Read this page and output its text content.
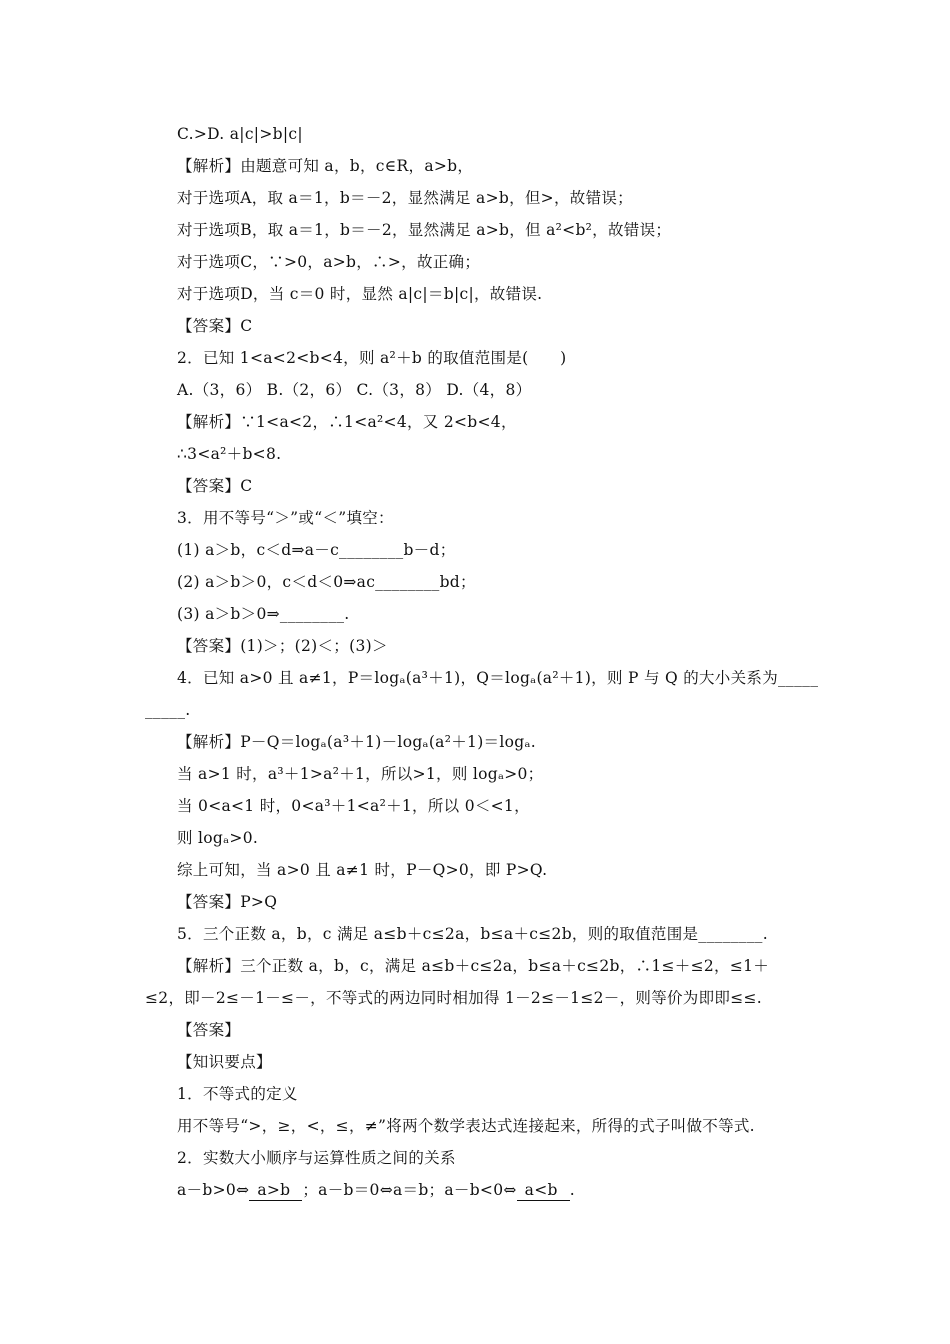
C.>D. a|c|>b|c|
【解析】由题意可知 a，b，c∈R，a>b，
对于选项A，取 a＝1，b＝－2，显然满足 a>b，但>，故错误；
对于选项B，取 a＝1，b＝－2，显然满足 a>b，但 a²<b²，故错误；
对于选项C，∵>0，a>b，∴>，故正确；
对于选项D，当 c＝0 时，显然 a|c|＝b|c|，故错误.
【答案】C
2．已知 1<a<2<b<4，则 a²＋b 的取值范围是(　　)
A.（3，6） B.（2，6） C.（3，8） D.（4，8）
【解析】∵1<a<2，∴1<a²<4，又 2<b<4，
∴3<a²＋b<8.
【答案】C
3．用不等号“＞”或“＜”填空：
(1) a＞b，c＜d⇒a－c________b－d；
(2) a＞b＞0，c＜d＜0⇒ac________bd；
(3) a＞b＞0⇒________.
【答案】(1)＞；(2)＜；(3)＞
4．已知 a>0 且 a≠1，P＝logₐ(a³＋1)，Q＝logₐ(a²＋1)，则 P 与 Q 的大小关系为_____
_____.
【解析】P－Q＝logₐ(a³＋1)－logₐ(a²＋1)＝logₐ.
当 a>1 时，a³＋1>a²＋1，所以>1，则 logₐ>0；
当 0<a<1 时，0<a³＋1<a²＋1，所以 0＜<1，
则 logₐ>0.
综上可知，当 a>0 且 a≠1 时，P－Q>0，即 P>Q.
【答案】P>Q
5．三个正数 a，b，c 满足 a≤b＋c≤2a，b≤a＋c≤2b，则的取值范围是________.
【解析】三个正数 a，b，c，满足 a≤b＋c≤2a，b≤a＋c≤2b，∴1≤＋≤2，≤1＋
≤2，即－2≤－1－≤－，不等式的两边同时相加得 1－2≤－1≤2－，则等价为即即≤≤.
【答案】
【知识要点】
1．不等式的定义
用不等号“>，≥，<，≤，≠”将两个数学表达式连接起来，所得的式子叫做不等式.
2．实数大小顺序与运算性质之间的关系
a－b>0⇔ a>b ；a－b＝0⇔a＝b；a－b<0⇔ a<b .
